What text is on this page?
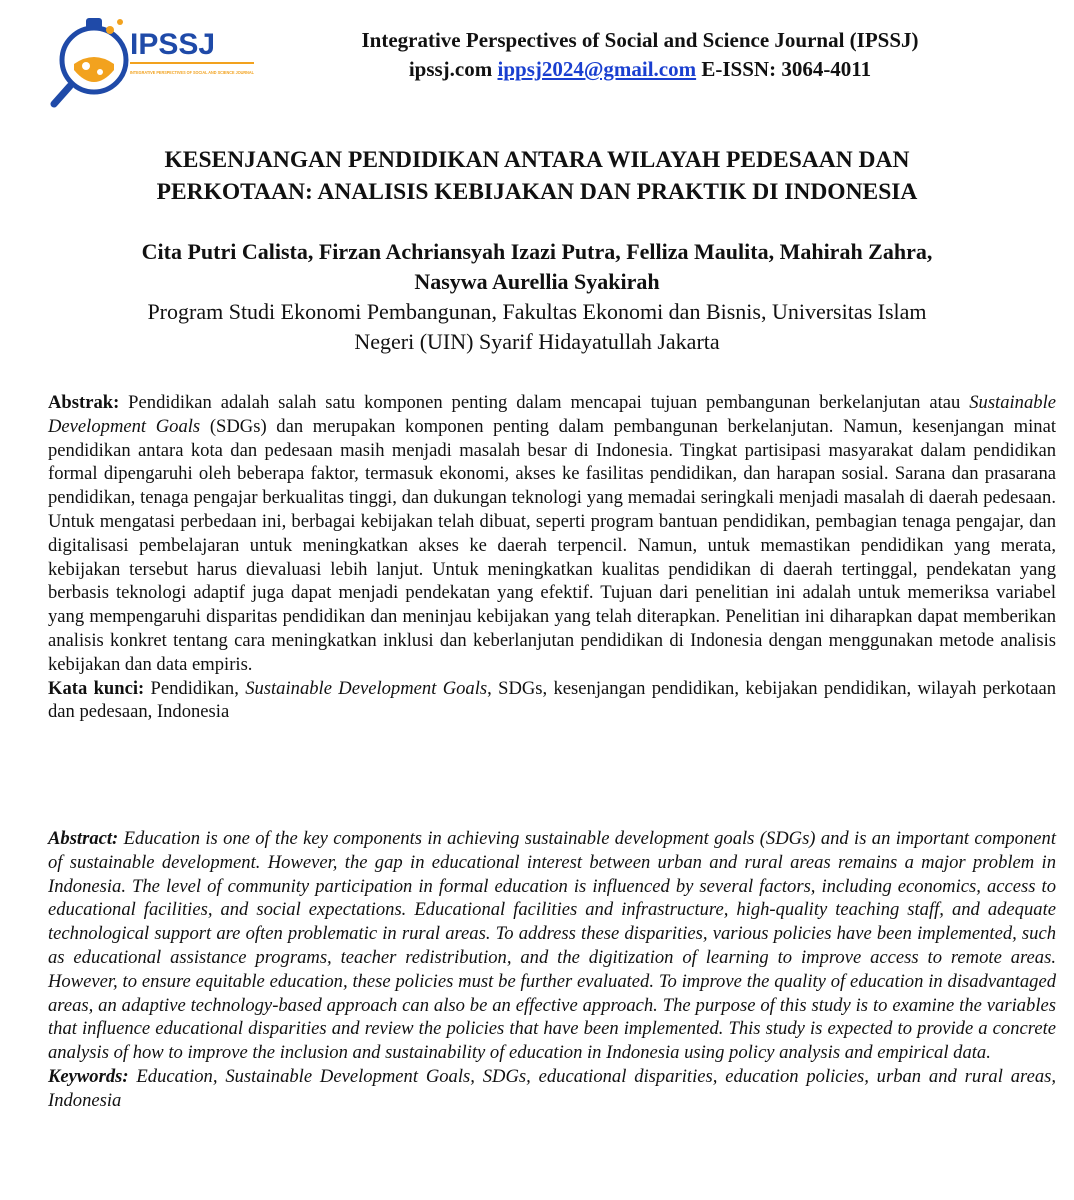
IPSSJ
INTEGRATIVE PERSPECTIVES OF SOCIAL AND SCIENCE JOURNAL
Integrative Perspectives of Social and Science Journal (IPSSJ)
ipssj.com ippsj2024@gmail.com E-ISSN: 3064-4011
KESENJANGAN PENDIDIKAN ANTARA WILAYAH PEDESAAN DAN
PERKOTAAN: ANALISIS KEBIJAKAN DAN PRAKTIK DI INDONESIA
Cita Putri Calista, Firzan Achriansyah Izazi Putra, Felliza Maulita, Mahirah Zahra,
Nasywa Aurellia Syakirah
Program Studi Ekonomi Pembangunan, Fakultas Ekonomi dan Bisnis, Universitas Islam
Negeri (UIN) Syarif Hidayatullah Jakarta

Abstrak: Pendidikan adalah salah satu komponen penting dalam mencapai tujuan pembangunan berkelanjutan atau Sustainable Development Goals (SDGs) dan merupakan komponen penting dalam pembangunan berkelanjutan. Namun, kesenjangan minat pendidikan antara kota dan pedesaan masih menjadi masalah besar di Indonesia. Tingkat partisipasi masyarakat dalam pendidikan formal dipengaruhi oleh beberapa faktor, termasuk ekonomi, akses ke fasilitas pendidikan, dan harapan sosial. Sarana dan prasarana pendidikan, tenaga pengajar berkualitas tinggi, dan dukungan teknologi yang memadai seringkali menjadi masalah di daerah pedesaan. Untuk mengatasi perbedaan ini, berbagai kebijakan telah dibuat, seperti program bantuan pendidikan, pembagian tenaga pengajar, dan digitalisasi pembelajaran untuk meningkatkan akses ke daerah terpencil. Namun, untuk memastikan pendidikan yang merata, kebijakan tersebut harus dievaluasi lebih lanjut. Untuk meningkatkan kualitas pendidikan di daerah tertinggal, pendekatan yang berbasis teknologi adaptif juga dapat menjadi pendekatan yang efektif. Tujuan dari penelitian ini adalah untuk memeriksa variabel yang mempengaruhi disparitas pendidikan dan meninjau kebijakan yang telah diterapkan. Penelitian ini diharapkan dapat memberikan analisis konkret tentang cara meningkatkan inklusi dan keberlanjutan pendidikan di Indonesia dengan menggunakan metode analisis kebijakan dan data empiris.

Kata kunci: Pendidikan, Sustainable Development Goals, SDGs, kesenjangan pendidikan, kebijakan pendidikan, wilayah perkotaan dan pedesaan, Indonesia

Abstract: Education is one of the key components in achieving sustainable development goals (SDGs) and is an important component of sustainable development. However, the gap in educational interest between urban and rural areas remains a major problem in Indonesia. The level of community participation in formal education is influenced by several factors, including economics, access to educational facilities, and social expectations. Educational facilities and infrastructure, high-quality teaching staff, and adequate technological support are often problematic in rural areas. To address these disparities, various policies have been implemented, such as educational assistance programs, teacher redistribution, and the digitization of learning to improve access to remote areas. However, to ensure equitable education, these policies must be further evaluated. To improve the quality of education in disadvantaged areas, an adaptive technology-based approach can also be an effective approach. The purpose of this study is to examine the variables that influence educational disparities and review the policies that have been implemented. This study is expected to provide a concrete analysis of how to improve the inclusion and sustainability of education in Indonesia using policy analysis and empirical data.

Keywords: Education, Sustainable Development Goals, SDGs, educational disparities, education policies, urban and rural areas, Indonesia
